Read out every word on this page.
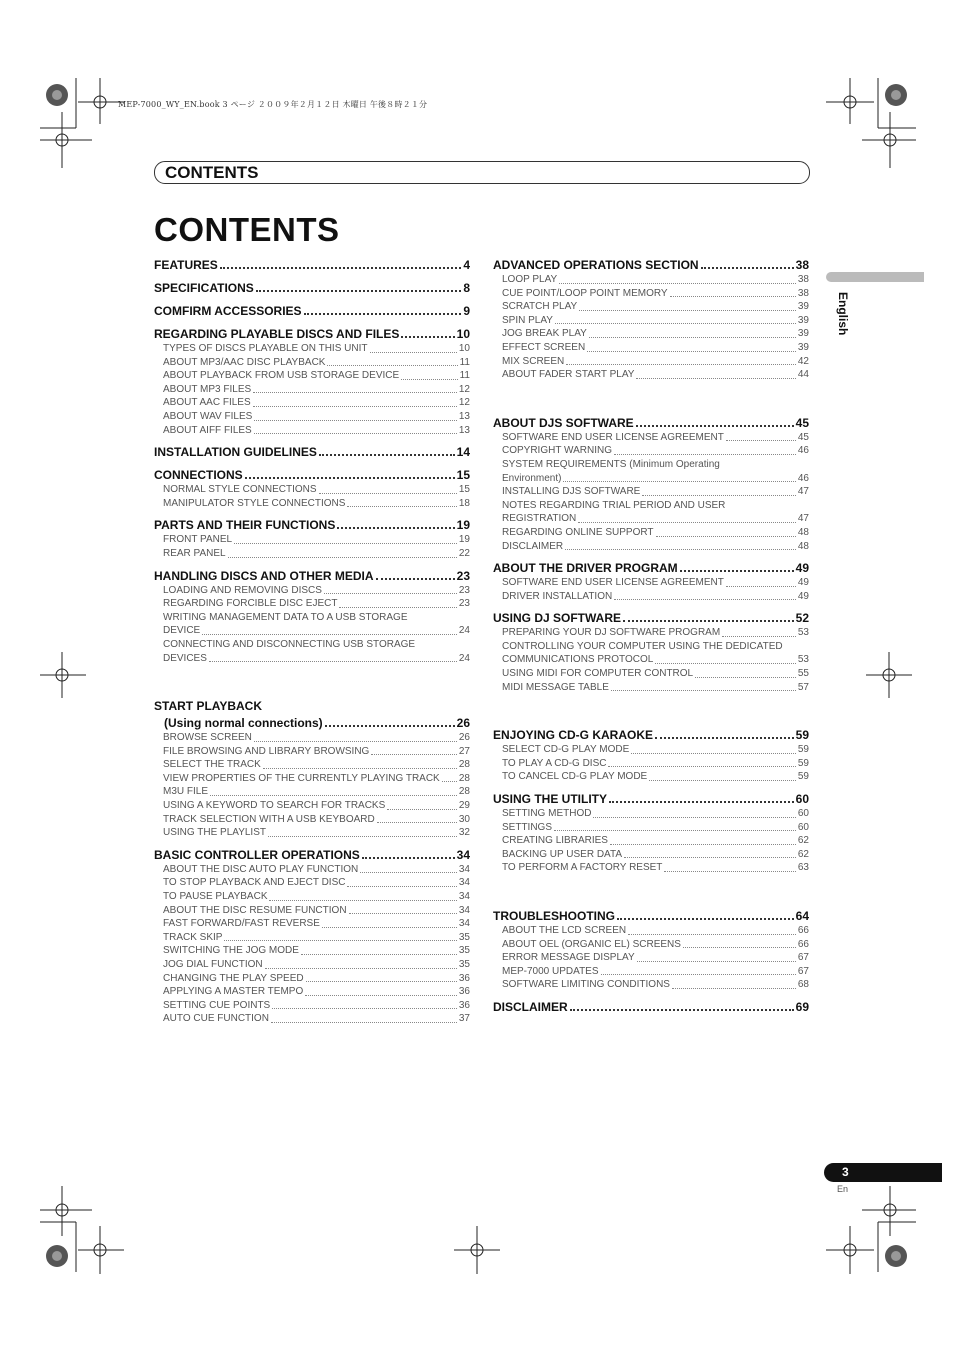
MEP-7000_WY_EN.book 3 ページ ２００９年２月１２日 木曜日 午後８時２１分
CONTENTS
CONTENTS
FEATURES	4
SPECIFICATIONS	8
COMFIRM ACCESSORIES	9
REGARDING PLAYABLE DISCS AND FILES	10
TYPES OF DISCS PLAYABLE ON THIS UNIT	10
ABOUT MP3/AAC DISC PLAYBACK	11
ABOUT PLAYBACK FROM USB STORAGE DEVICE	11
ABOUT MP3 FILES	12
ABOUT AAC FILES	12
ABOUT WAV FILES	13
ABOUT AIFF FILES	13
INSTALLATION GUIDELINES	14
CONNECTIONS	15
NORMAL STYLE CONNECTIONS	15
MANIPULATOR STYLE CONNECTIONS	18
PARTS AND THEIR FUNCTIONS	19
FRONT PANEL	19
REAR PANEL	22
HANDLING DISCS AND OTHER MEDIA	23
LOADING AND REMOVING DISCS	23
REGARDING FORCIBLE DISC EJECT	23
WRITING MANAGEMENT DATA TO A USB STORAGE
DEVICE	24
CONNECTING AND DISCONNECTING USB STORAGE
DEVICES	24
START PLAYBACK
(Using normal connections)	26
BROWSE SCREEN	26
FILE BROWSING AND LIBRARY BROWSING	27
SELECT THE TRACK	28
VIEW PROPERTIES OF THE CURRENTLY PLAYING TRACK 28
M3U FILE	28
USING A KEYWORD TO SEARCH FOR TRACKS	29
TRACK SELECTION WITH A USB KEYBOARD	30
USING THE PLAYLIST	32
BASIC CONTROLLER OPERATIONS	34
ABOUT THE DISC AUTO PLAY FUNCTION	34
TO STOP PLAYBACK AND EJECT DISC	34
TO PAUSE PLAYBACK	34
ABOUT THE DISC RESUME FUNCTION	34
FAST FORWARD/FAST REVERSE	34
TRACK SKIP	35
SWITCHING THE JOG MODE	35
JOG DIAL FUNCTION	35
CHANGING THE PLAY SPEED	36
APPLYING A MASTER TEMPO	36
SETTING CUE POINTS	36
AUTO CUE FUNCTION	37
ADVANCED OPERATIONS SECTION	38
LOOP PLAY	38
CUE POINT/LOOP POINT MEMORY	38
SCRATCH PLAY	39
SPIN PLAY	39
JOG BREAK PLAY	39
EFFECT SCREEN	39
MIX SCREEN	42
ABOUT FADER START PLAY	44
ABOUT DJS SOFTWARE	45
SOFTWARE END USER LICENSE AGREEMENT	45
COPYRIGHT WARNING	46
SYSTEM REQUIREMENTS (Minimum Operating
Environment)	46
INSTALLING DJS SOFTWARE	47
NOTES REGARDING TRIAL PERIOD AND USER
REGISTRATION	47
REGARDING ONLINE SUPPORT	48
DISCLAIMER	48
ABOUT THE DRIVER PROGRAM	49
SOFTWARE END USER LICENSE AGREEMENT	49
DRIVER INSTALLATION	49
USING DJ SOFTWARE	52
PREPARING YOUR DJ SOFTWARE PROGRAM	53
CONTROLLING YOUR COMPUTER USING THE DEDICATED
COMMUNICATIONS PROTOCOL	53
USING MIDI FOR COMPUTER CONTROL	55
MIDI MESSAGE TABLE	57
ENJOYING CD-G KARAOKE	59
SELECT CD-G PLAY MODE	59
TO PLAY A CD-G DISC	59
TO CANCEL CD-G PLAY MODE	59
USING THE UTILITY	60
SETTING METHOD	60
SETTINGS	60
CREATING LIBRARIES	62
BACKING UP USER DATA	62
TO PERFORM A FACTORY RESET	63
TROUBLESHOOTING	64
ABOUT THE LCD SCREEN	66
ABOUT OEL (ORGANIC EL) SCREENS	66
ERROR MESSAGE DISPLAY	67
MEP-7000 UPDATES	67
SOFTWARE LIMITING CONDITIONS	68
DISCLAIMER	69
English
3
En
